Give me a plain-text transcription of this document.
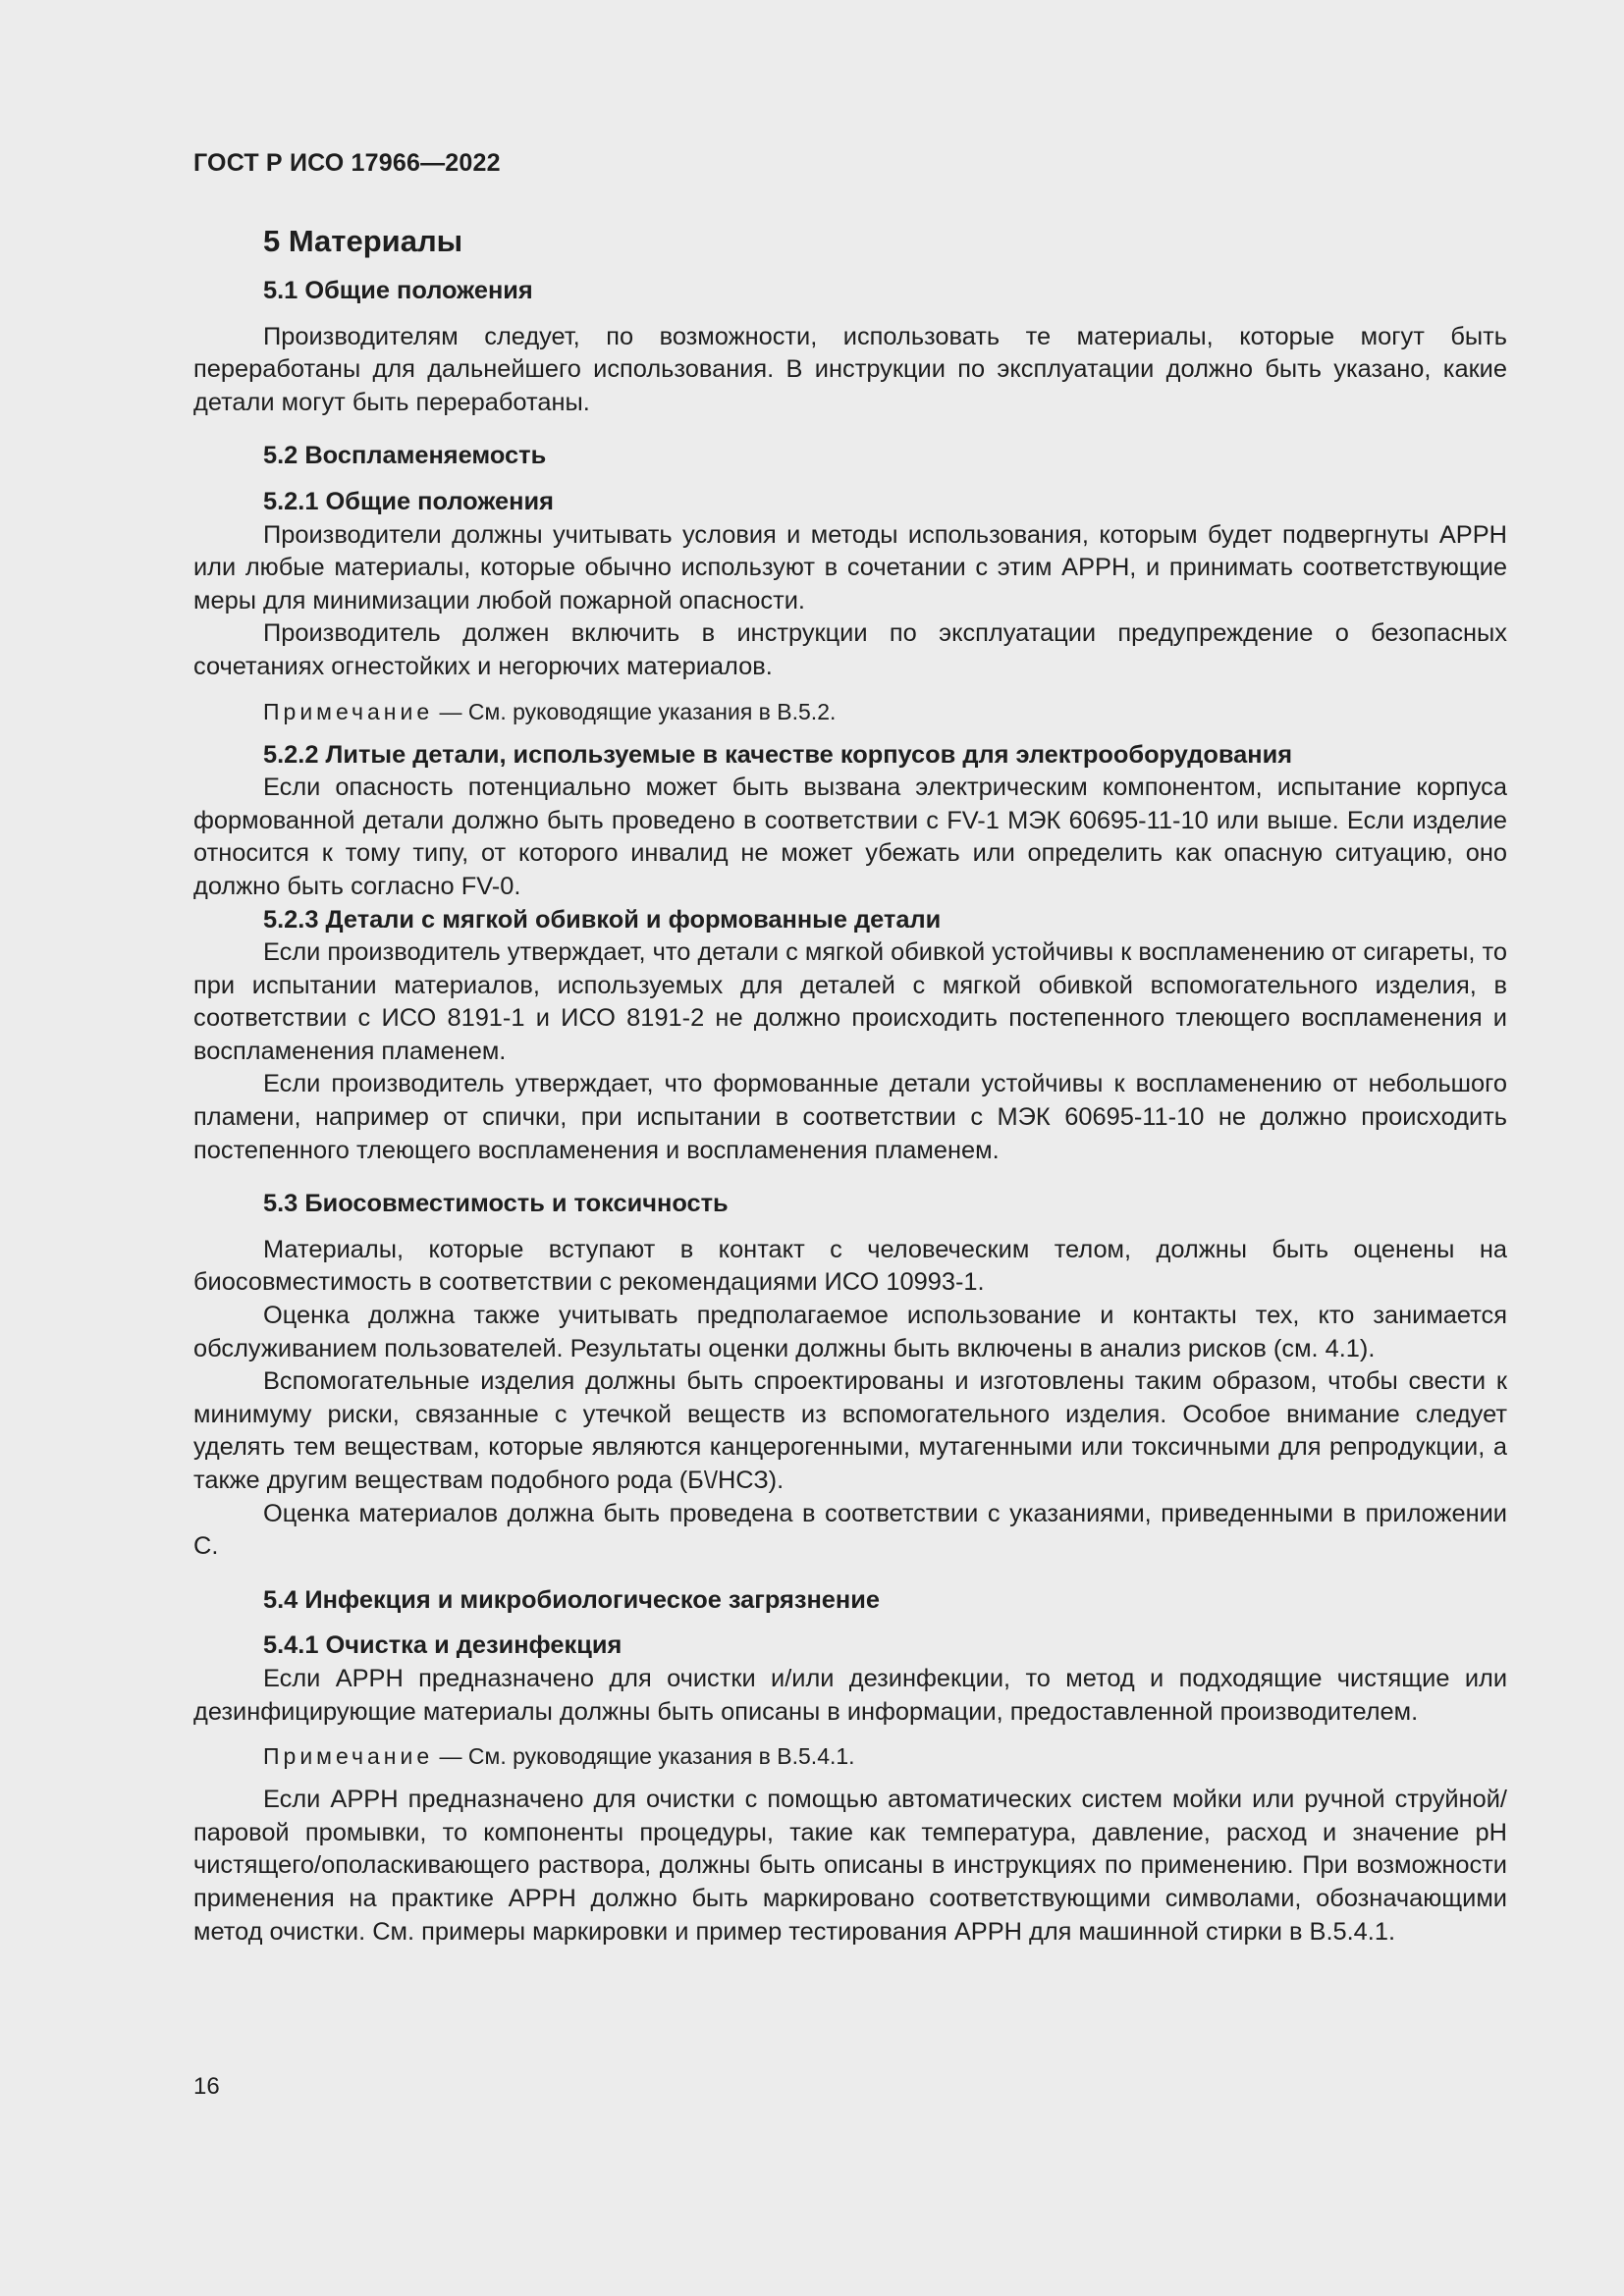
ГОСТ Р ИСО 17966—2022
5 Материалы
5.1 Общие положения

Производителям следует, по возможности, использовать те материалы, которые могут быть переработаны для дальнейшего использования. В инструкции по эксплуатации должно быть указано, какие детали могут быть переработаны.

5.2 Воспламеняемость
5.2.1 Общие положения

Производители должны учитывать условия и методы использования, которым будет подвергнуты АРРН или любые материалы, которые обычно используют в сочетании с этим АРРН, и принимать соответствующие меры для минимизации любой пожарной опасности.

Производитель должен включить в инструкции по эксплуатации предупреждение о безопасных сочетаниях огнестойких и негорючих материалов.

Примечание — См. руководящие указания в В.5.2.
5.2.2 Литые детали, используемые в качестве корпусов для электрооборудования

Если опасность потенциально может быть вызвана электрическим компонентом, испытание корпуса формованной детали должно быть проведено в соответствии с FV-1 МЭК 60695-11-10 или выше. Если изделие относится к тому типу, от которого инвалид не может убежать или определить как опасную ситуацию, оно должно быть согласно FV-0.

5.2.3 Детали с мягкой обивкой и формованные детали

Если производитель утверждает, что детали с мягкой обивкой устойчивы к воспламенению от сигареты, то при испытании материалов, используемых для деталей с мягкой обивкой вспомогательного изделия, в соответствии с ИСО 8191-1 и ИСО 8191-2 не должно происходить постепенного тлеющего воспламенения и воспламенения пламенем.

Если производитель утверждает, что формованные детали устойчивы к воспламенению от небольшого пламени, например от спички, при испытании в соответствии с МЭК 60695-11-10 не должно происходить постепенного тлеющего воспламенения и воспламенения пламенем.

5.3 Биосовместимость и токсичность

Материалы, которые вступают в контакт с человеческим телом, должны быть оценены на биосовместимость в соответствии с рекомендациями ИСО 10993-1.

Оценка должна также учитывать предполагаемое использование и контакты тех, кто занимается обслуживанием пользователей. Результаты оценки должны быть включены в анализ рисков (см. 4.1).

Вспомогательные изделия должны быть спроектированы и изготовлены таким образом, чтобы свести к минимуму риски, связанные с утечкой веществ из вспомогательного изделия. Особое внимание следует уделять тем веществам, которые являются канцерогенными, мутагенными или токсичными для репродукции, а также другим веществам подобного рода (Б\/НСЗ).

Оценка материалов должна быть проведена в соответствии с указаниями, приведенными в приложении С.

5.4 Инфекция и микробиологическое загрязнение
5.4.1 Очистка и дезинфекция

Если АРРН предназначено для очистки и/или дезинфекции, то метод и подходящие чистящие или дезинфицирующие материалы должны быть описаны в информации, предоставленной производителем.

Примечание — См. руководящие указания в В.5.4.1.

Если АРРН предназначено для очистки с помощью автоматических систем мойки или ручной струйной/паровой промывки, то компоненты процедуры, такие как температура, давление, расход и значение pH чистящего/ополаскивающего раствора, должны быть описаны в инструкциях по применению. При возможности применения на практике АРРН должно быть маркировано соответствующими символами, обозначающими метод очистки. См. примеры маркировки и пример тестирования АРРН для машинной стирки в В.5.4.1.

16
